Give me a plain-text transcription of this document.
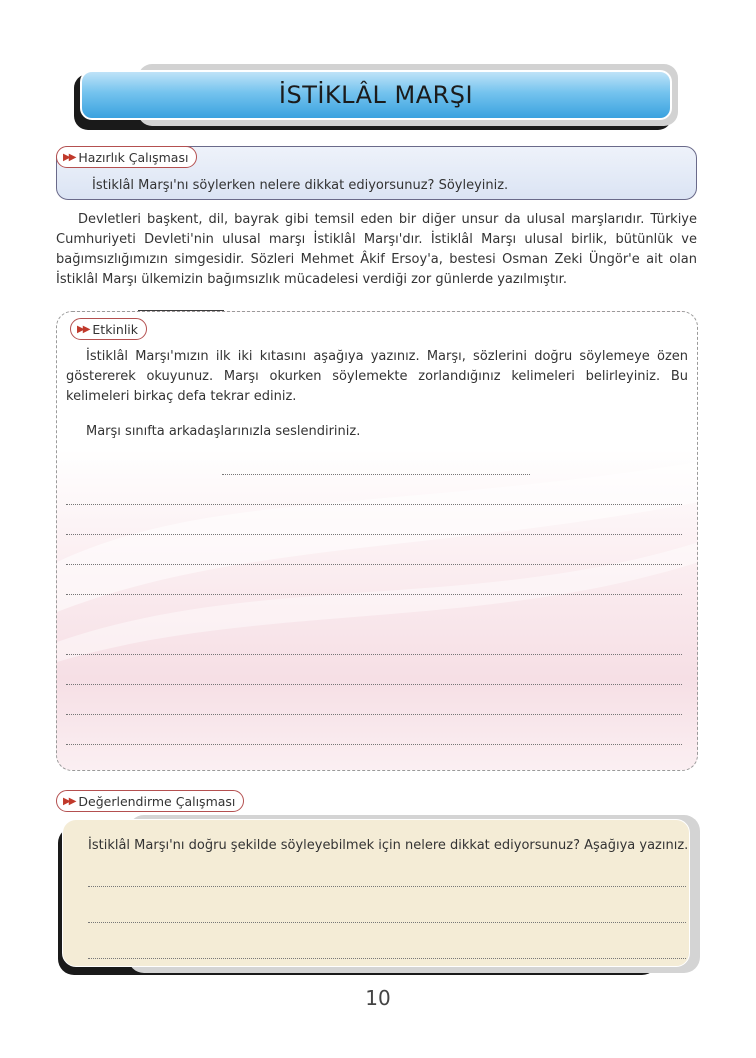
İSTİKLÂL MARŞI
▶▶ Hazırlık Çalışması
İstiklâl Marşı'nı söylerken nelere dikkat ediyorsunuz? Söyleyiniz.
Devletleri başkent, dil, bayrak gibi temsil eden bir diğer unsur da ulusal marşlarıdır. Türkiye Cumhuriyeti Devleti'nin ulusal marşı İstiklâl Marşı'dır. İstiklâl Marşı ulusal birlik, bütünlük ve bağımsızlığımızın simgesidir. Sözleri Mehmet Âkif Ersoy'a, bestesi Osman Zeki Üngör'e ait olan İstiklâl Marşı ülkemizin bağımsızlık mücadelesi verdiği zor günlerde yazılmıştır.
▶▶ Etkinlik
İstiklâl Marşı'mızın ilk iki kıtasını aşağıya yazınız. Marşı, sözlerini doğru söylemeye özen göstererek okuyunuz. Marşı okurken söylemekte zorlandığınız kelimeleri belirleyiniz. Bu kelimeleri birkaç defa tekrar ediniz.
Marşı sınıfta arkadaşlarınızla seslendiriniz.
▶▶ Değerlendirme Çalışması
İstiklâl Marşı'nı doğru şekilde söyleyebilmek için nelere dikkat ediyorsunuz? Aşağıya yazınız.
10
